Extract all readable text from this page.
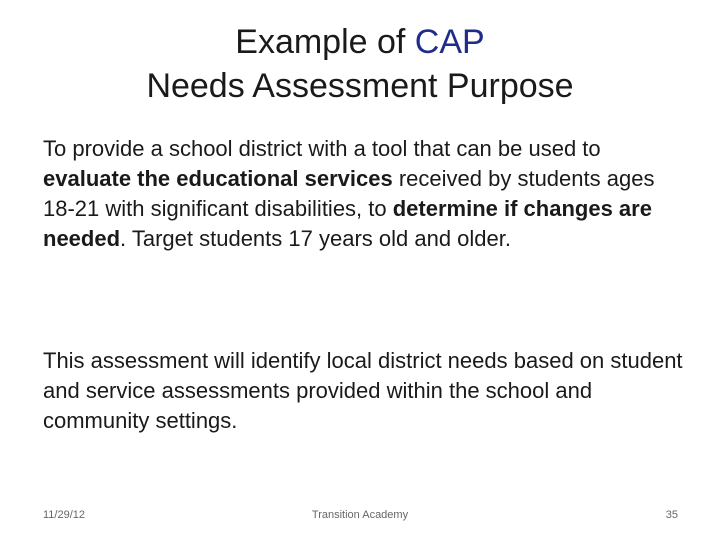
Example of CAP
Needs Assessment Purpose
To provide a school district with a tool that can be used to evaluate the educational services received by students ages 18-21 with significant disabilities, to determine if changes are needed. Target students 17 years old and older.
This assessment will identify local district needs based on student and service assessments provided within the school and community settings.
11/29/12	Transition Academy	35
